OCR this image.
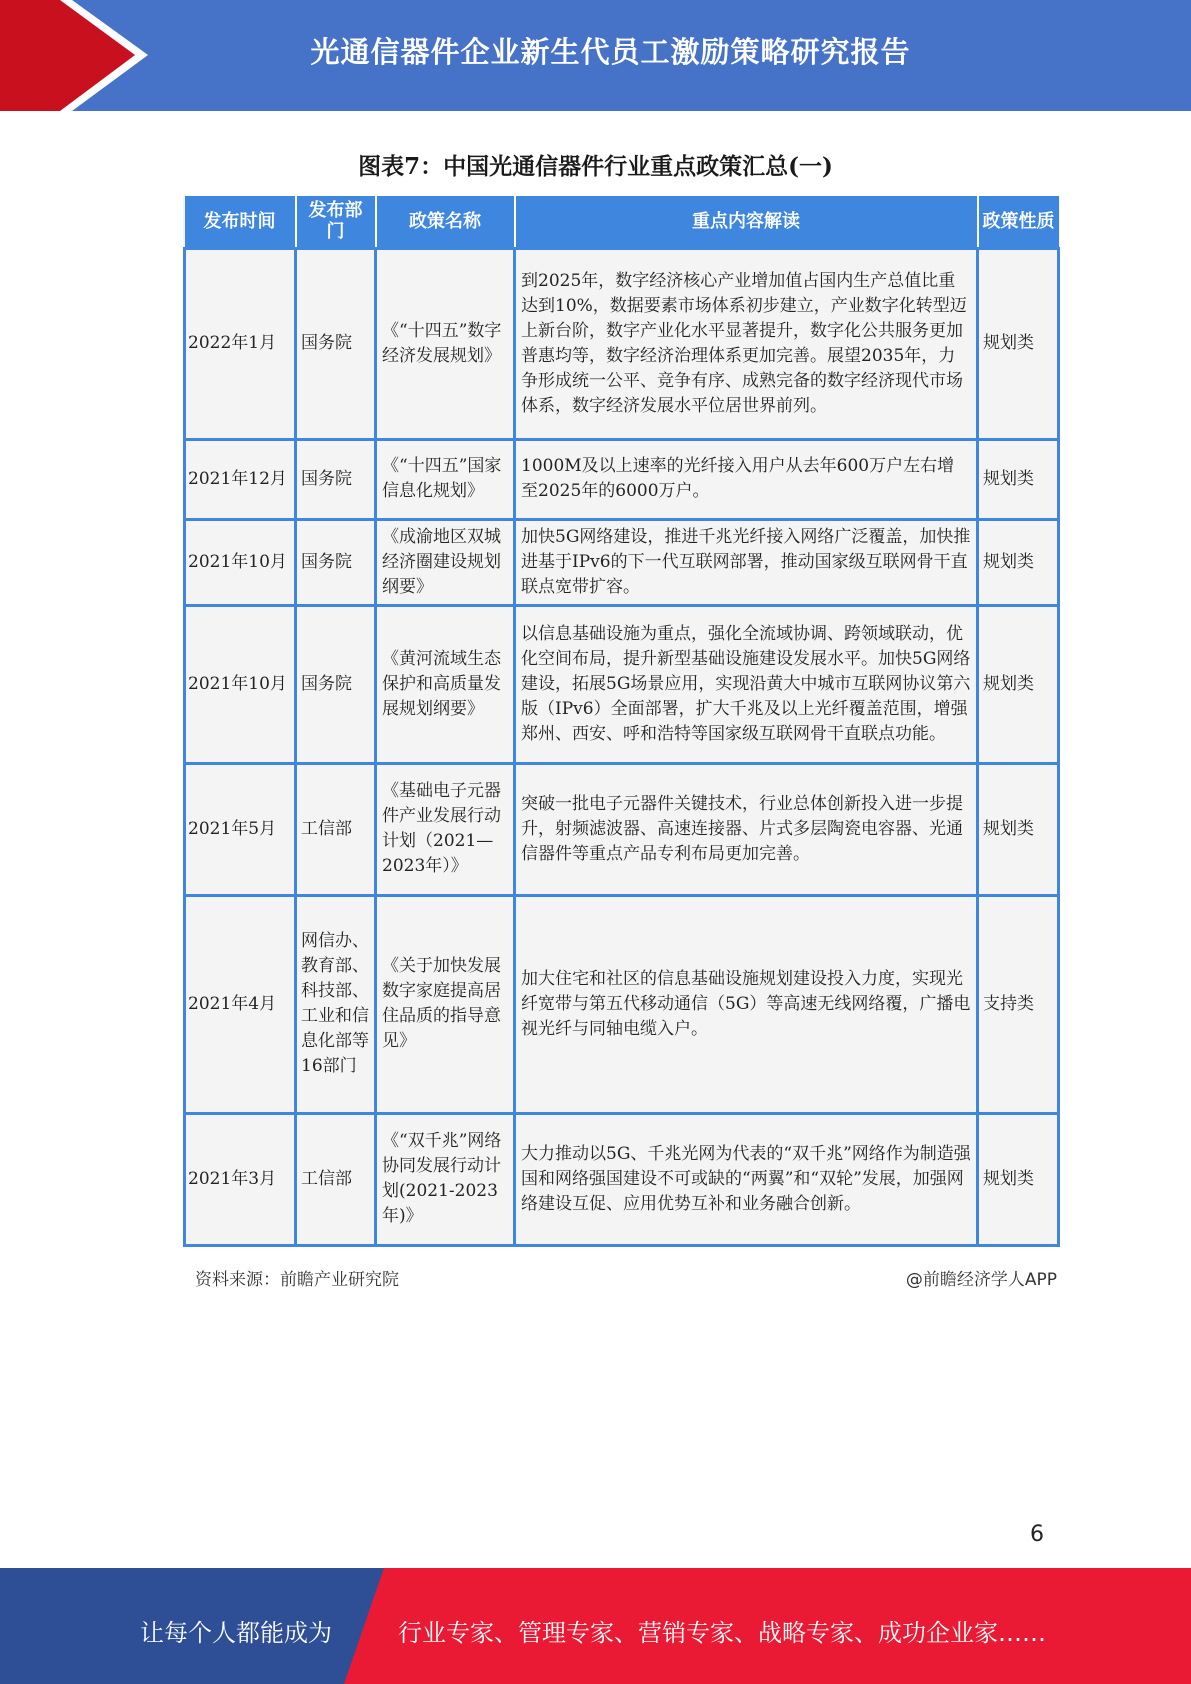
光通信器件企业新生代员工激励策略研究报告
图表7：中国光通信器件行业重点政策汇总(一)
发布时间	发布部门	政策名称	重点内容解读	政策性质
2022年1月	国务院	《“十四五”数字经济发展规划》	到2025年，数字经济核心产业增加值占国内生产总值比重达到10%，数据要素市场体系初步建立，产业数字化转型迈上新台阶，数字产业化水平显著提升，数字化公共服务更加普惠均等，数字经济治理体系更加完善。展望2035年，力争形成统一公平、竞争有序、成熟完备的数字经济现代市场体系，数字经济发展水平位居世界前列。	规划类
2021年12月	国务院	《“十四五”国家信息化规划》	1000M及以上速率的光纤接入用户从去年600万户左右增至2025年的6000万户。	规划类
2021年10月	国务院	《成渝地区双城经济圈建设规划纲要》	加快5G网络建设，推进千兆光纤接入网络广泛覆盖，加快推进基于IPv6的下一代互联网部署，推动国家级互联网骨干直联点宽带扩容。	规划类
2021年10月	国务院	《黄河流域生态保护和高质量发展规划纲要》	以信息基础设施为重点，强化全流域协调、跨领域联动，优化空间布局，提升新型基础设施建设发展水平。加快5G网络建设，拓展5G场景应用，实现沿黄大中城市互联网协议第六版（IPv6）全面部署，扩大千兆及以上光纤覆盖范围，增强郑州、西安、呼和浩特等国家级互联网骨干直联点功能。	规划类
2021年5月	工信部	《基础电子元器件产业发展行动计划（2021—2023年）》	突破一批电子元器件关键技术，行业总体创新投入进一步提升，射频滤波器、高速连接器、片式多层陶瓷电容器、光通信器件等重点产品专利布局更加完善。	规划类
2021年4月	网信办、教育部、科技部、工业和信息化部等16部门	《关于加快发展数字家庭提高居住品质的指导意见》	加大住宅和社区的信息基础设施规划建设投入力度，实现光纤宽带与第五代移动通信（5G）等高速无线网络覆，广播电视光纤与同轴电缆入户。	支持类
2021年3月	工信部	《“双千兆”网络协同发展行动计划(2021-2023年)》	大力推动以5G、千兆光网为代表的“双千兆”网络作为制造强国和网络强国建设不可或缺的“两翼”和“双轮”发展，加强网络建设互促、应用优势互补和业务融合创新。	规划类
资料来源：前瞻产业研究院	@前瞻经济学人APP
6
让每个人都能成为	行业专家、管理专家、营销专家、战略专家、成功企业家……
